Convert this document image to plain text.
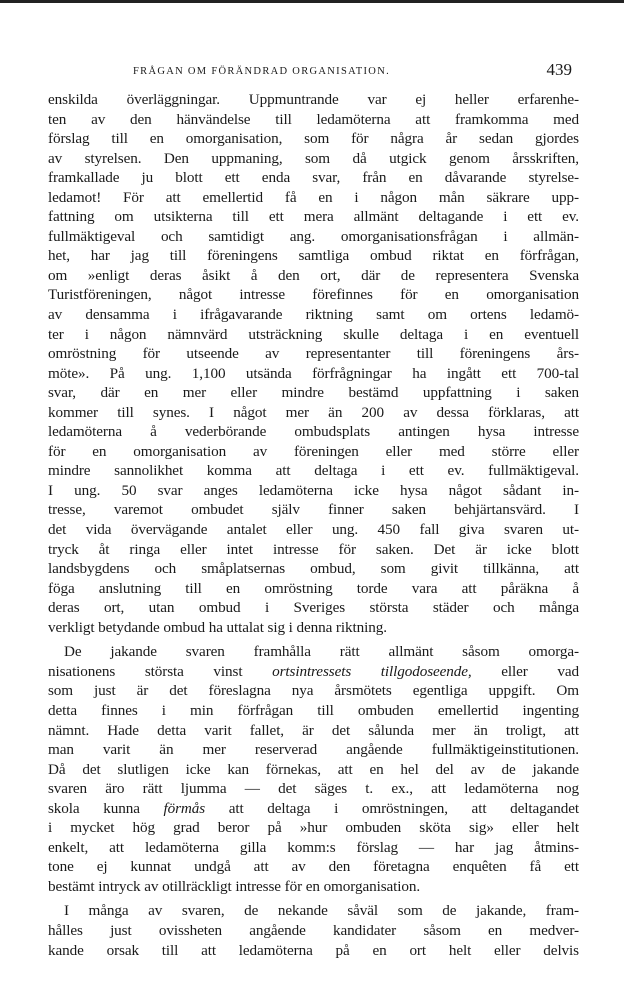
FRÅGAN OM FÖRÄNDRAD ORGANISATION.	439
enskilda överläggningar. Uppmuntrande var ej heller erfarenhe-
ten av den hänvändelse till ledamöterna att framkomma med
förslag till en omorganisation, som för några år sedan gjordes
av styrelsen. Den uppmaning, som då utgick genom årsskriften,
framkallade ju blott ett enda svar, från en dåvarande styrelse-
ledamot! För att emellertid få en i någon mån säkrare upp-
fattning om utsikterna till ett mera allmänt deltagande i ett ev.
fullmäktigeval och samtidigt ang. omorganisationsfrågan i allmän-
het, har jag till föreningens samtliga ombud riktat en förfrågan,
om »enligt deras åsikt å den ort, där de representera Svenska
Turistföreningen, något intresse förefinnes för en omorganisation
av densamma i ifrågavarande riktning samt om ortens ledamö-
ter i någon nämnvärd utsträckning skulle deltaga i en eventuell
omröstning för utseende av representanter till föreningens års-
möte». På ung. 1,100 utsända förfrågningar ha ingått ett 700-tal
svar, där en mer eller mindre bestämd uppfattning i saken
kommer till synes. I något mer än 200 av dessa förklaras, att
ledamöterna å vederbörande ombudsplats antingen hysa intresse
för en omorganisation av föreningen eller med större eller
mindre sannolikhet komma att deltaga i ett ev. fullmäktigeval.
I ung. 50 svar anges ledamöterna icke hysa något sådant in-
tresse, varemot ombudet själv finner saken behjärtansvärd. I
det vida övervägande antalet eller ung. 450 fall giva svaren ut-
tryck åt ringa eller intet intresse för saken. Det är icke blott
landsbygdens och småplatsernas ombud, som givit tillkänna, att
föga anslutning till en omröstning torde vara att påräkna å
deras ort, utan ombud i Sveriges största städer och många
verkligt betydande ombud ha uttalat sig i denna riktning.
De jakande svaren framhålla rätt allmänt såsom omorga-
nisationens största vinst ortsintressets tillgodoseende, eller vad
som just är det föreslagna nya årsmötets egentliga uppgift. Om
detta finnes i min förfrågan till ombuden emellertid ingenting
nämnt. Hade detta varit fallet, är det sålunda mer än troligt, att
man varit än mer reserverad angående fullmäktigeinstitutionen.
Då det slutligen icke kan förnekas, att en hel del av de jakande
svaren äro rätt ljumma — det säges t. ex., att ledamöterna nog
skola kunna förmås att deltaga i omröstningen, att deltagandet
i mycket hög grad beror på »hur ombuden sköta sig» eller helt
enkelt, att ledamöterna gilla komm:s förslag — har jag åtmins-
tone ej kunnat undgå att av den företagna enquêten få ett
bestämt intryck av otillräckligt intresse för en omorganisation.
I många av svaren, de nekande såväl som de jakande, fram-
hålles just ovissheten angående kandidater såsom en medver-
kande orsak till att ledamöterna på en ort helt eller delvis
